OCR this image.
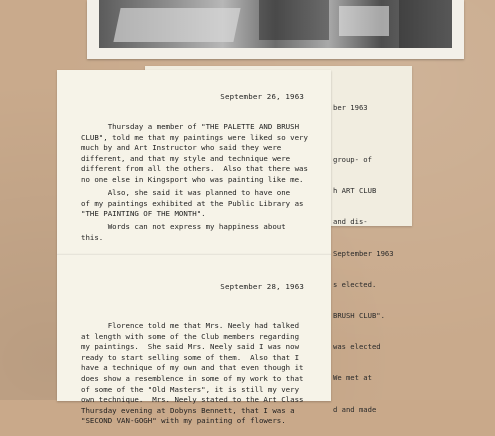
ber 1963

group- of

h ART CLUB

and dis-

September 1963

s elected.

BRUSH CLUB".

was elected

We met at

d and made

September 26, 1963
Thursday a member of "THE PALETTE AND BRUSH
CLUB", told me that my paintings were liked so very
much by and Art Instructor who said they were
different, and that my style and technique were
different from all the others.  Also that there was
no one else in Kingsport who was painting like me.
Also, she said it was planned to have one
of my paintings exhibited at the Public Library as
"THE PAINTING OF THE MONTH".
Words can not express my happiness about
this.
September 28, 1963
Florence told me that Mrs. Neely had talked
at length with some of the Club members regarding
my paintings.  She said Mrs. Neely said I was now
ready to start selling some of them.  Also that I
have a technique of my own and that even though it
does show a resemblence in some of my work to that
of some of the "Old Masters", it is still my very
own technique.  Mrs. Neely stated to the Art Class
Thursday evening at Dobyns Bennett, that I was a
"SECOND VAN-GOGH" with my painting of flowers.
